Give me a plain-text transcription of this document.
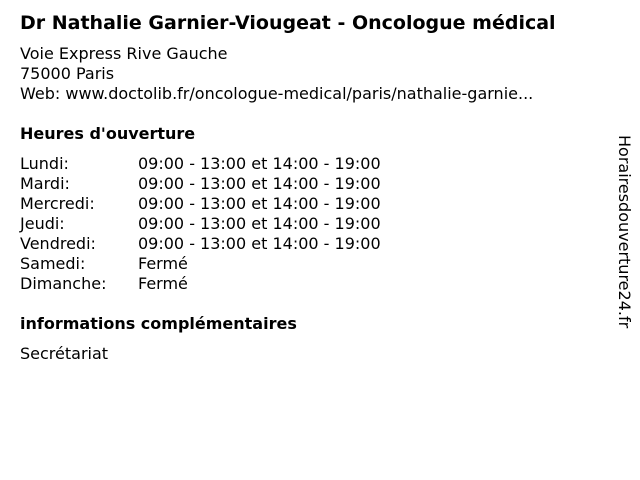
Dr Nathalie Garnier-Viougeat - Oncologue médical
Voie Express Rive Gauche
75000 Paris
Web: www.doctolib.fr/oncologue-medical/paris/nathalie-garnie...
Heures d'ouverture
Lundi:	09:00 - 13:00 et 14:00 - 19:00
Mardi:	09:00 - 13:00 et 14:00 - 19:00
Mercredi:	09:00 - 13:00 et 14:00 - 19:00
Jeudi:	09:00 - 13:00 et 14:00 - 19:00
Vendredi:	09:00 - 13:00 et 14:00 - 19:00
Samedi:	Fermé
Dimanche: Fermé
informations complémentaires
Secrétariat
Horairesdouverture24.fr
